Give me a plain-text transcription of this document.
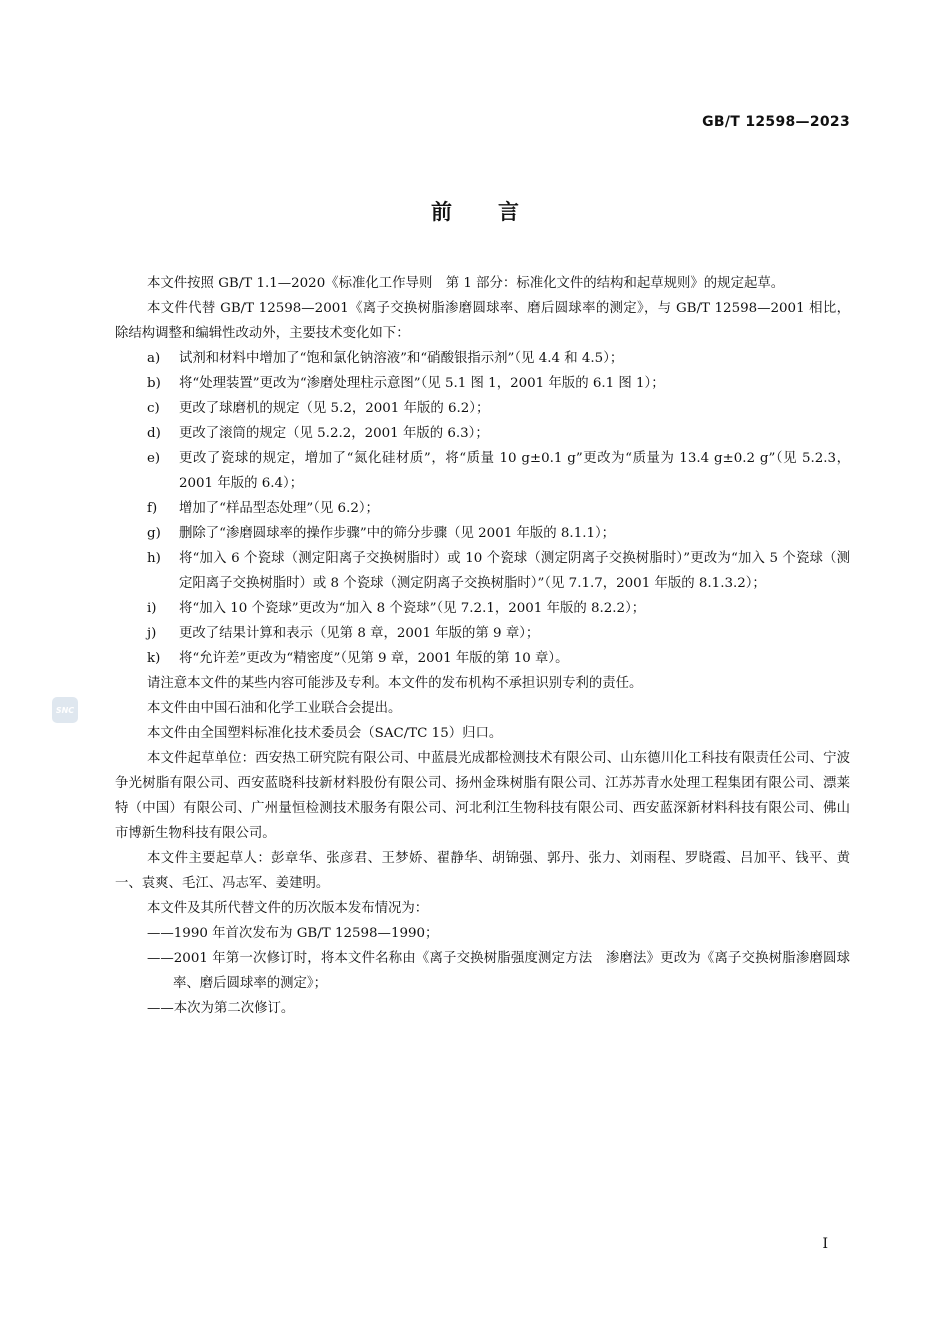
GB/T 12598—2023
前言

本文件按照 GB/T 1.1—2020《标准化工作导则　第 1 部分：标准化文件的结构和起草规则》的规定起草。

本文件代替 GB/T 12598—2001《离子交换树脂渗磨圆球率、磨后圆球率的测定》，与 GB/T 12598—2001 相比，除结构调整和编辑性改动外，主要技术变化如下：

a) 试剂和材料中增加了“饱和氯化钠溶液”和“硝酸银指示剂”（见 4.4 和 4.5）；

b) 将“处理装置”更改为“渗磨处理柱示意图”（见 5.1 图 1，2001 年版的 6.1 图 1）；

c) 更改了球磨机的规定（见 5.2，2001 年版的 6.2）；

d) 更改了滚筒的规定（见 5.2.2，2001 年版的 6.3）；

e) 更改了瓷球的规定，增加了“氮化硅材质”，将“质量 10 g±0.1 g”更改为“质量为 13.4 g±0.2 g”（见 5.2.3，2001 年版的 6.4）；

f) 增加了“样品型态处理”（见 6.2）；

g) 删除了“渗磨圆球率的操作步骤”中的筛分步骤（见 2001 年版的 8.1.1）；

h) 将“加入 6 个瓷球（测定阳离子交换树脂时）或 10 个瓷球（测定阴离子交换树脂时）”更改为“加入 5 个瓷球（测定阳离子交换树脂时）或 8 个瓷球（测定阴离子交换树脂时）”（见 7.1.7，2001 年版的 8.1.3.2）；

i) 将“加入 10 个瓷球”更改为“加入 8 个瓷球”（见 7.2.1，2001 年版的 8.2.2）；

j) 更改了结果计算和表示（见第 8 章，2001 年版的第 9 章）；

k) 将“允许差”更改为“精密度”（见第 9 章，2001 年版的第 10 章）。

请注意本文件的某些内容可能涉及专利。本文件的发布机构不承担识别专利的责任。

本文件由中国石油和化学工业联合会提出。

本文件由全国塑料标准化技术委员会（SAC/TC 15）归口。

本文件起草单位：西安热工研究院有限公司、中蓝晨光成都检测技术有限公司、山东德川化工科技有限责任公司、宁波争光树脂有限公司、西安蓝晓科技新材料股份有限公司、扬州金珠树脂有限公司、江苏苏青水处理工程集团有限公司、漂莱特（中国）有限公司、广州量恒检测技术服务有限公司、河北利江生物科技有限公司、西安蓝深新材料科技有限公司、佛山市博新生物科技有限公司。

本文件主要起草人：彭章华、张彦君、王梦娇、翟静华、胡锦强、郭丹、张力、刘雨程、罗晓霞、吕加平、钱平、黄一、袁爽、毛江、冯志军、姜建明。

本文件及其所代替文件的历次版本发布情况为：

——1990 年首次发布为 GB/T 12598—1990；

——2001 年第一次修订时，将本文件名称由《离子交换树脂强度测定方法　渗磨法》更改为《离子交换树脂渗磨圆球率、磨后圆球率的测定》；

——本次为第二次修订。

SNC
I
